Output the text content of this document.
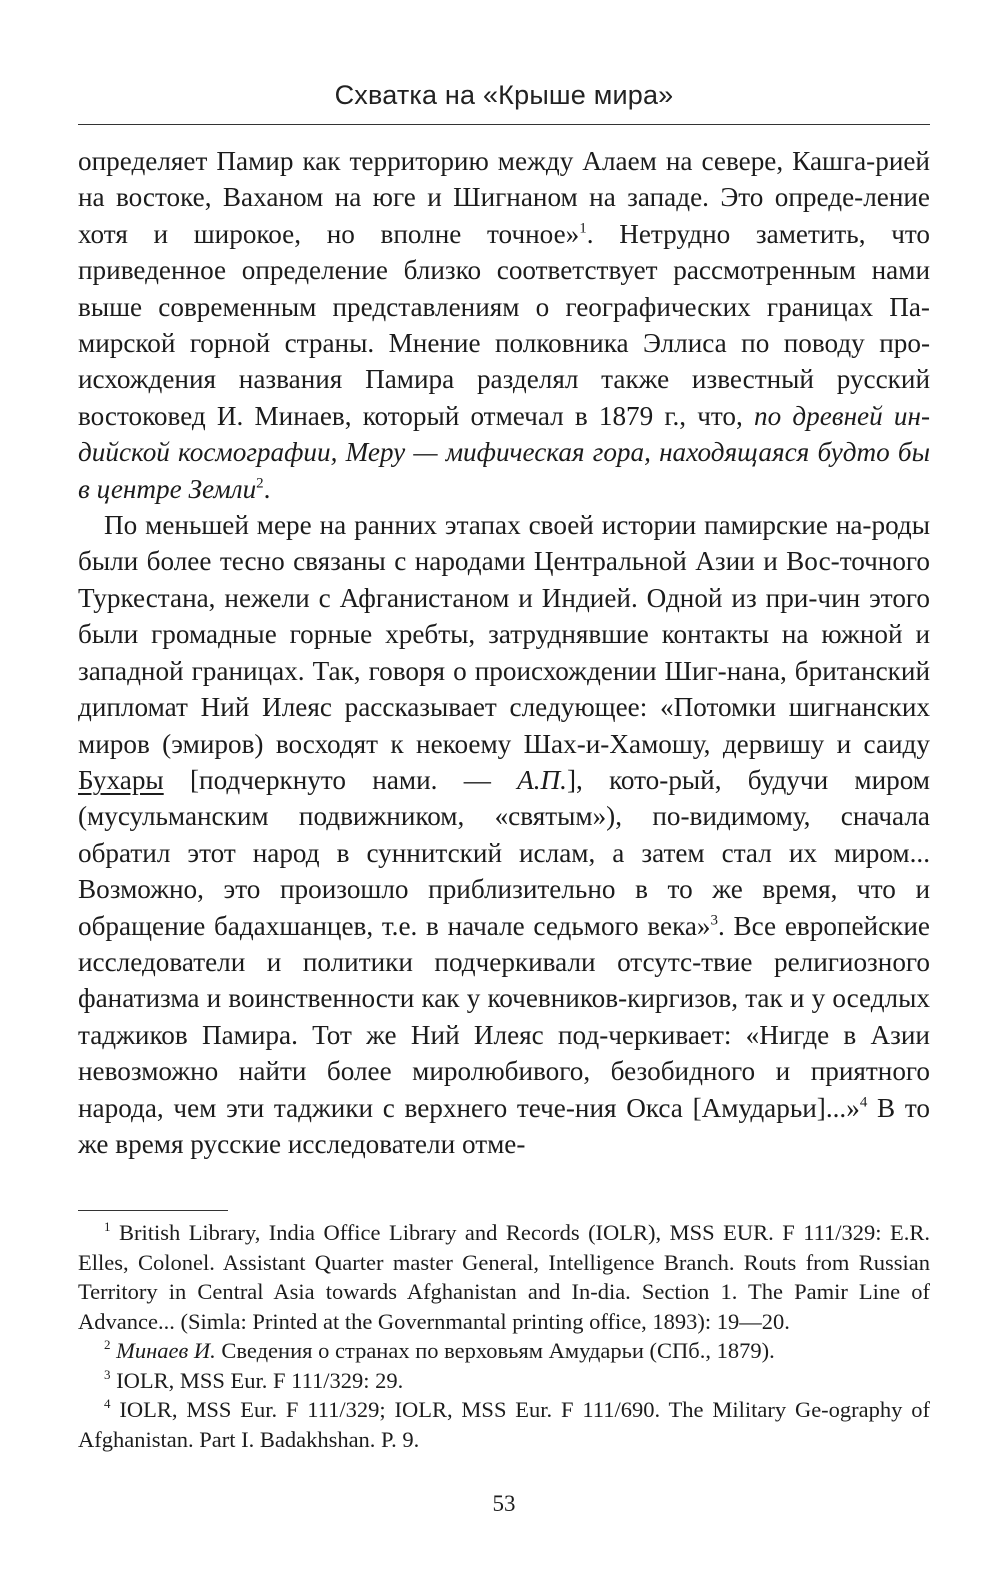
Схватка на «Крыше мира»

определяет Памир как территорию между Алаем на севере, Кашга-рией на востоке, Ваханом на юге и Шигнаном на западе. Это опреде-ление хотя и широкое, но вполне точное»$^1$. Нетрудно заметить, что приведенное определение близко соответствует рассмотренным нами выше современным представлениям о географических границах Па-мирской горной страны. Мнение полковника Эллиса по поводу про-исхождения названия Памира разделял также известный русский востоковед И. Минаев, который отмечал в 1879 г., что, по древней ин-дийской космографии, Меру — мифическая гора, находящаяся будто бы в центре Земли$^2$.

По меньшей мере на ранних этапах своей истории памирские на-роды были более тесно связаны с народами Центральной Азии и Вос-точного Туркестана, нежели с Афганистаном и Индией. Одной из при-чин этого были громадные горные хребты, затруднявшие контакты на южной и западной границах. Так, говоря о происхождении Шиг-нана, британский дипломат Ний Илеяс рассказывает следующее: «Потомки шигнанских миров (эмиров) восходят к некоему Шах-и-Хамошу, дервишу и саиду Бухары [подчеркнуто нами. — А.П.], кото-рый, будучи миром (мусульманским подвижником, «святым»), по-видимому, сначала обратил этот народ в суннитский ислам, а затем стал их миром... Возможно, это произошло приблизительно в то же время, что и обращение бадахшанцев, т.е. в начале седьмого века»$^3$. Все европейские исследователи и политики подчеркивали отсутс-твие религиозного фанатизма и воинственности как у кочевников-киргизов, так и у оседлых таджиков Памира. Тот же Ний Илеяс под-черкивает: «Нигде в Азии невозможно найти более миролюбивого, безобидного и приятного народа, чем эти таджики с верхнего тече-ния Окса [Амударьи]...»$^4$ В то же время русские исследователи отме-

$^1$ British Library, India Office Library and Records (IOLR), MSS EUR. F 111/329: E.R. Elles, Colonel. Assistant Quarter master General, Intelligence Branch. Routs from Russian Territory in Central Asia towards Afghanistan and In-dia. Section 1. The Pamir Line of Advance... (Simla: Printed at the Governmantal printing office, 1893): 19—20.

$^2$ Минаев И. Сведения о странах по верховьям Амударьи (СПб., 1879).

$^3$ IOLR, MSS Eur. F 111/329: 29.

$^4$ IOLR, MSS Eur. F 111/329; IOLR, MSS Eur. F 111/690. The Military Ge-ography of Afghanistan. Part I. Badakhshan. P. 9.

53
